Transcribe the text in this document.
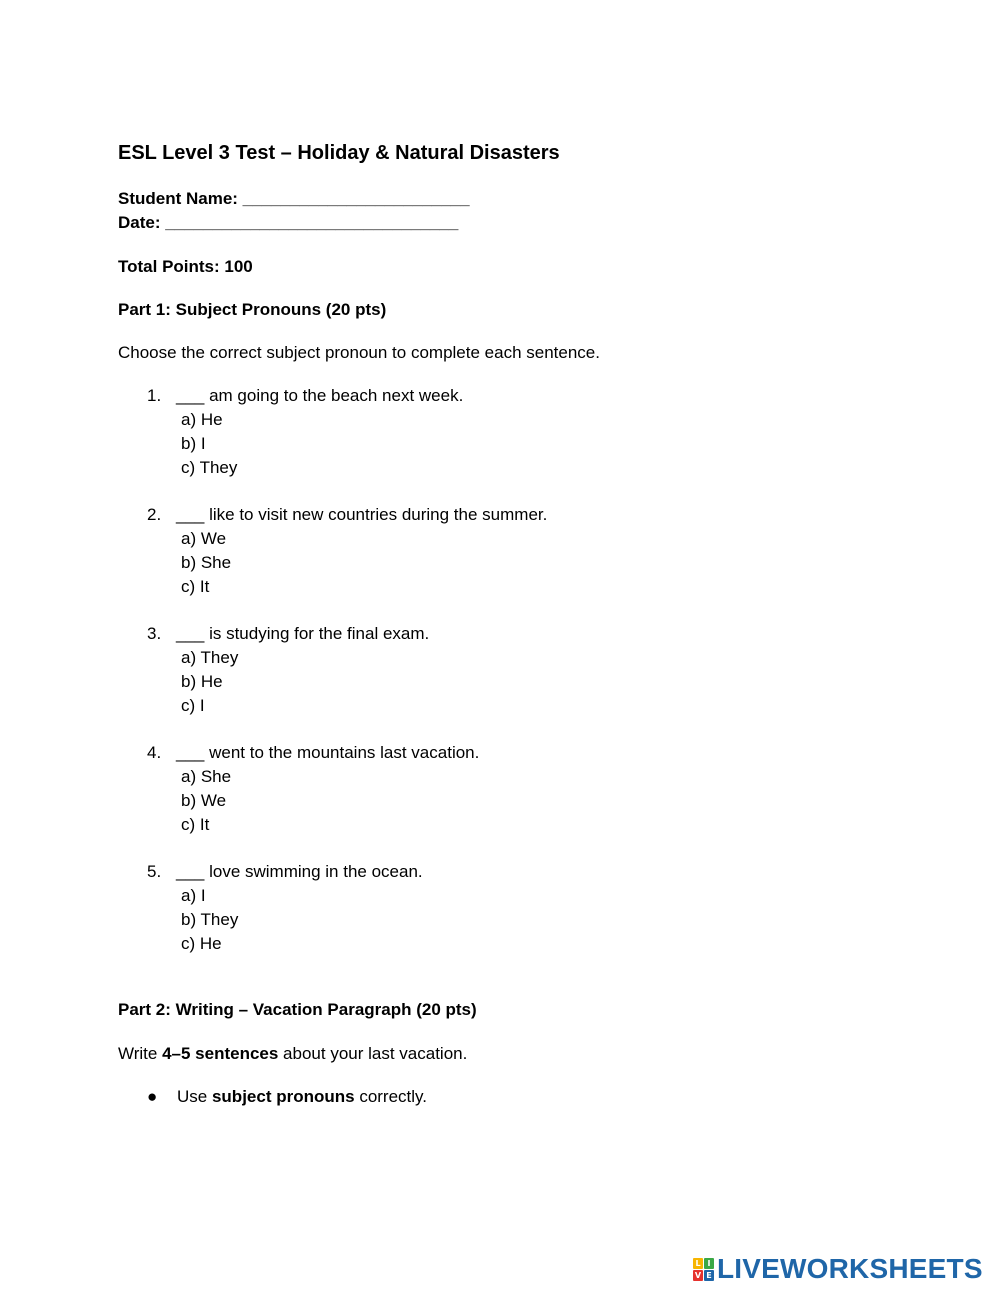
ESL Level 3 Test – Holiday & Natural Disasters
Student Name: ________________________
Date: _______________________________
Total Points: 100
Part 1: Subject Pronouns (20 pts)
Choose the correct subject pronoun to complete each sentence.
1. ___ am going to the beach next week.
a) He
b) I
c) They
2. ___ like to visit new countries during the summer.
a) We
b) She
c) It
3. ___ is studying for the final exam.
a) They
b) He
c) I
4. ___ went to the mountains last vacation.
a) She
b) We
c) It
5. ___ love swimming in the ocean.
a) I
b) They
c) He
Part 2: Writing – Vacation Paragraph (20 pts)
Write 4–5 sentences about your last vacation.
● Use subject pronouns correctly.
L I
V E LIVEWORKSHEETS
